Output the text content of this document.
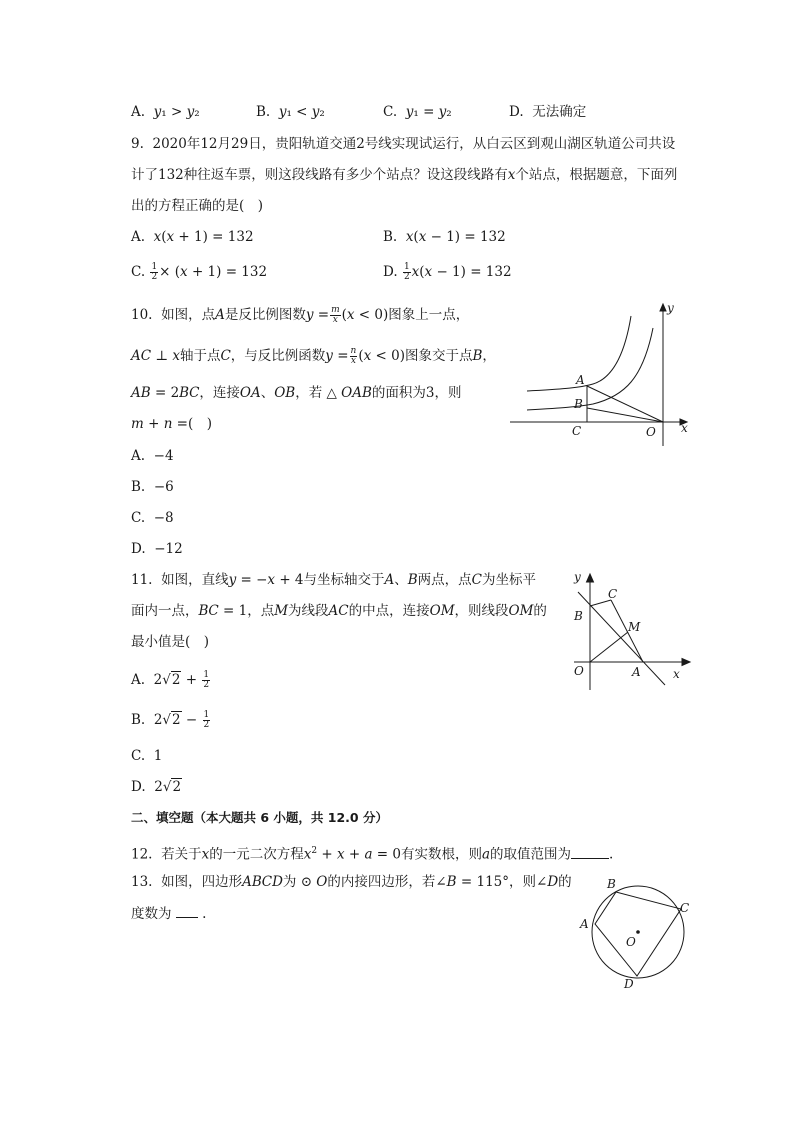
A. 𝑦₁ > 𝑦₂	B. 𝑦₁ < 𝑦₂	C. 𝑦₁ = 𝑦₂	D. 无法确定
9. 2020年12月29日，贵阳轨道交通2号线实现试运行，从白云区到观山湖区轨道公司共设
计了132种往返车票，则这段线路有多少个站点？设这段线路有𝑥个站点，根据题意，下面列
出的方程正确的是(　)
A. 𝑥(𝑥 + 1) = 132	B. 𝑥(𝑥 − 1) = 132
C. $\frac{1}{2}$ × (𝑥 + 1) = 132	D. $\frac{1}{2}$ 𝑥(𝑥 − 1) = 132
10. 如图，点𝐴是反比例图数𝑦 = $\frac{\text{𝑚}}{\text{𝑥}}$ (𝑥 < 0)图象上一点，
𝐴𝐶 ⊥ 𝑥轴于点𝐶，与反比例函数𝑦 = $\frac{\text{𝑛}}{\text{𝑥}}$ (𝑥 < 0)图象交于点𝐵，
𝐴𝐵 = 2𝐵𝐶，连接𝑂𝐴、𝑂𝐵，若 △ 𝑂𝐴𝐵的面积为3，则
𝑚 + 𝑛 =(　)
A. −4
B. −6
C. −8
D. −12
y
x
A
B
C	O
11. 如图，直线𝑦 = −𝑥 + 4与坐标轴交于𝐴、𝐵两点，点𝐶为坐标平
面内一点，𝐵𝐶 = 1，点𝑀为线段𝐴𝐶的中点，连接𝑂𝑀，则线段𝑂𝑀的
最小值是(　)
A. $2√2 + \frac{1}{2}$
B. $2√2 - \frac{1}{2}$
C. 1
D. 2√2
y
x
B
C
M
O	A
二、填空题（本大题共 6 小题，共 12.0 分）
12. 若关于𝑥的一元二次方程𝑥$^2$ + 𝑥 + 𝑎 = 0有实数根，则𝑎的取值范围为	.
13. 如图，四边形𝐴𝐵𝐶𝐷为 ⊙ 𝑂的内接四边形，若∠𝐵 = 115°，则∠𝐷的
度数为 .
B
C
A
O
D
